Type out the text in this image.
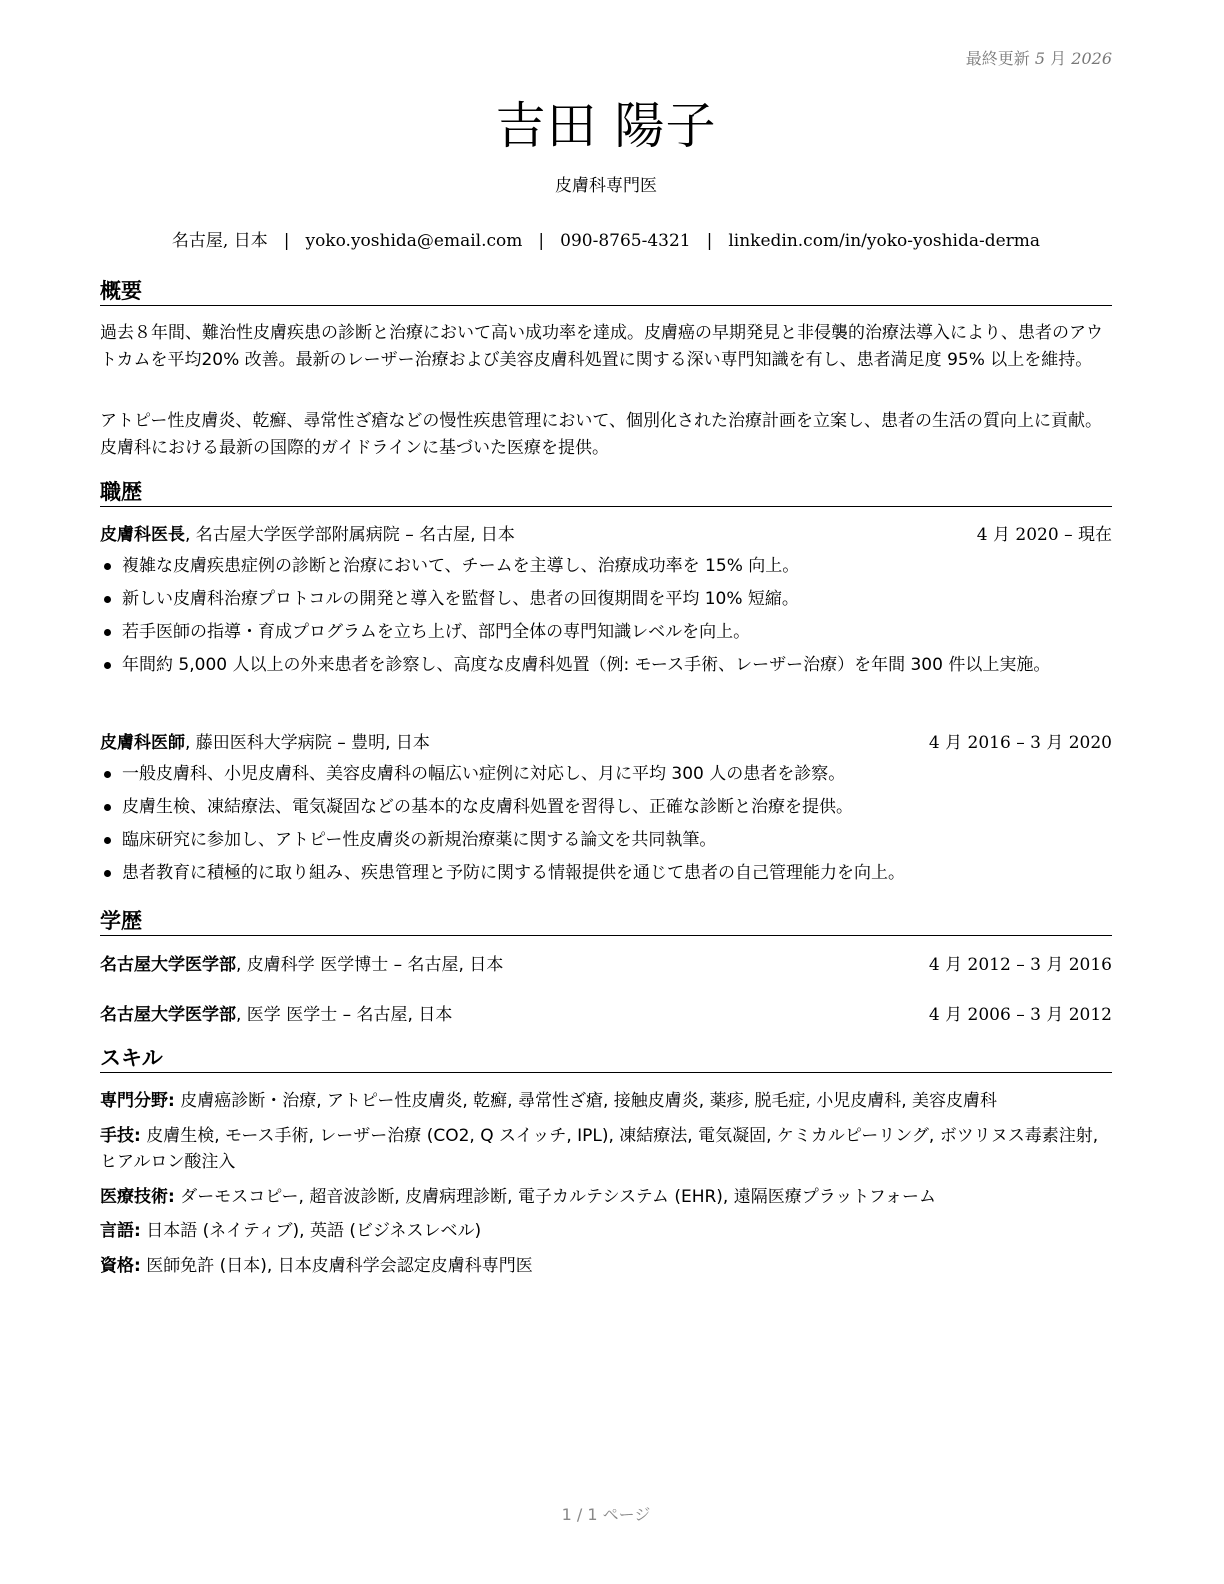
最終更新 5 月 2026
吉田 陽子
皮膚科専門医
名古屋, 日本 | yoko.yoshida@email.com | 090-8765-4321 | linkedin.com/in/yoko-yoshida-derma
概要
過去８年間、難治性皮膚疾患の診断と治療において高い成功率を達成。皮膚癌の早期発見と非侵襲的治療法導入により、患者のアウトカムを平均20% 改善。最新のレーザー治療および美容皮膚科処置に関する深い専門知識を有し、患者満足度 95% 以上を維持。
アトピー性皮膚炎、乾癬、尋常性ざ瘡などの慢性疾患管理において、個別化された治療計画を立案し、患者の生活の質向上に貢献。皮膚科における最新の国際的ガイドラインに基づいた医療を提供。
職歴
皮膚科医長, 名古屋大学医学部附属病院 – 名古屋, 日本	4 月 2020 – 現在
複雑な皮膚疾患症例の診断と治療において、チームを主導し、治療成功率を 15% 向上。
新しい皮膚科治療プロトコルの開発と導入を監督し、患者の回復期間を平均 10% 短縮。
若手医師の指導・育成プログラムを立ち上げ、部門全体の専門知識レベルを向上。
年間約 5,000 人以上の外来患者を診察し、高度な皮膚科処置（例: モース手術、レーザー治療）を年間 300 件以上実施。
皮膚科医師, 藤田医科大学病院 – 豊明, 日本	4 月 2016 – 3 月 2020
一般皮膚科、小児皮膚科、美容皮膚科の幅広い症例に対応し、月に平均 300 人の患者を診察。
皮膚生検、凍結療法、電気凝固などの基本的な皮膚科処置を習得し、正確な診断と治療を提供。
臨床研究に参加し、アトピー性皮膚炎の新規治療薬に関する論文を共同執筆。
患者教育に積極的に取り組み、疾患管理と予防に関する情報提供を通じて患者の自己管理能力を向上。
学歴
名古屋大学医学部, 皮膚科学 医学博士 – 名古屋, 日本	4 月 2012 – 3 月 2016
名古屋大学医学部, 医学 医学士 – 名古屋, 日本	4 月 2006 – 3 月 2012
スキル
専門分野: 皮膚癌診断・治療, アトピー性皮膚炎, 乾癬, 尋常性ざ瘡, 接触皮膚炎, 薬疹, 脱毛症, 小児皮膚科, 美容皮膚科
手技: 皮膚生検, モース手術, レーザー治療 (CO2, Q スイッチ, IPL), 凍結療法, 電気凝固, ケミカルピーリング, ボツリヌス毒素注射, ヒアルロン酸注入
医療技術: ダーモスコピー, 超音波診断, 皮膚病理診断, 電子カルテシステム (EHR), 遠隔医療プラットフォーム
言語: 日本語 (ネイティブ), 英語 (ビジネスレベル)
資格: 医師免許 (日本), 日本皮膚科学会認定皮膚科専門医
1 / 1 ページ
